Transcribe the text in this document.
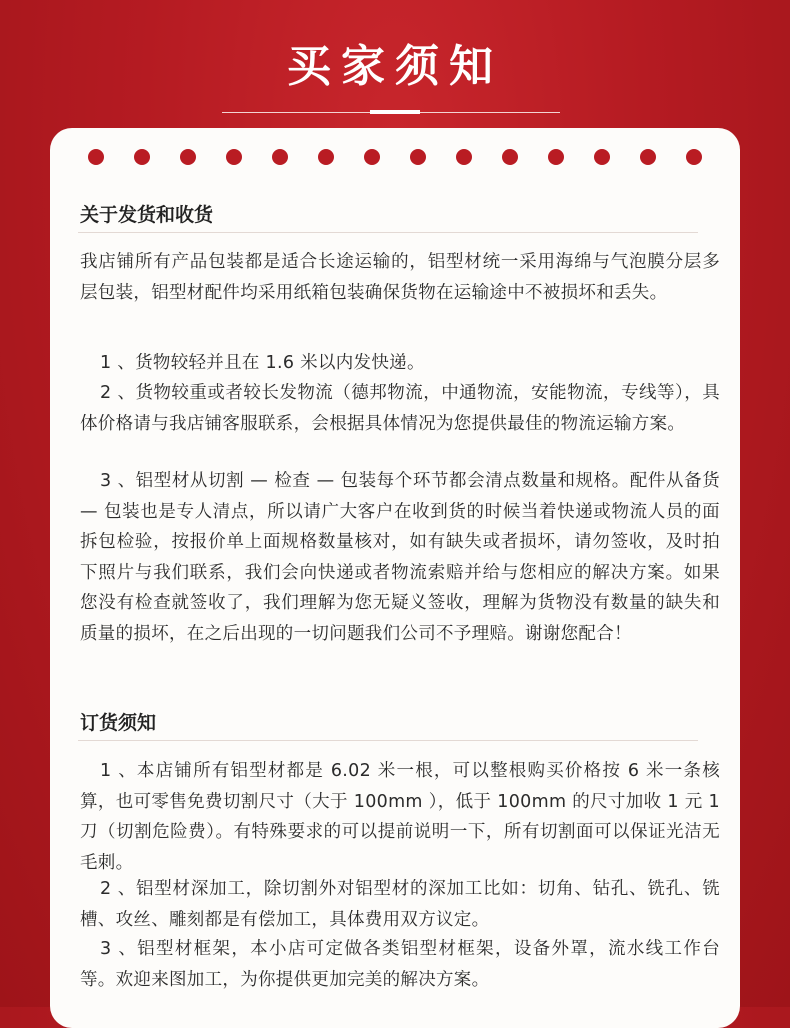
买家须知
关于发货和收货

我店铺所有产品包装都是适合长途运输的，铝型材统一采用海绵与气泡膜分层多层包装，铝型材配件均采用纸箱包装确保货物在运输途中不被损坏和丢失。

1 、货物较轻并且在 1.6 米以内发快递。

2 、货物较重或者较长发物流（德邦物流，中通物流，安能物流，专线等），具体价格请与我店铺客服联系，会根据具体情况为您提供最佳的物流运输方案。

3 、铝型材从切割 — 检查 — 包装每个环节都会清点数量和规格。配件从备货 — 包装也是专人清点，所以请广大客户在收到货的时候当着快递或物流人员的面拆包检验，按报价单上面规格数量核对，如有缺失或者损坏，请勿签收，及时拍下照片与我们联系，我们会向快递或者物流索赔并给与您相应的解决方案。如果您没有检查就签收了，我们理解为您无疑义签收，理解为货物没有数量的缺失和质量的损坏，在之后出现的一切问题我们公司不予理赔。谢谢您配合！

订货须知

1 、本店铺所有铝型材都是 6.02 米一根，可以整根购买价格按 6 米一条核算，也可零售免费切割尺寸（大于 100mm ），低于 100mm 的尺寸加收 1 元 1 刀（切割危险费）。有特殊要求的可以提前说明一下，所有切割面可以保证光洁无毛刺。

2 、铝型材深加工，除切割外对铝型材的深加工比如：切角、钻孔、铣孔、铣槽、攻丝、雕刻都是有偿加工，具体费用双方议定。

3 、铝型材框架，本小店可定做各类铝型材框架，设备外罩，流水线工作台等。欢迎来图加工，为你提供更加完美的解决方案。
